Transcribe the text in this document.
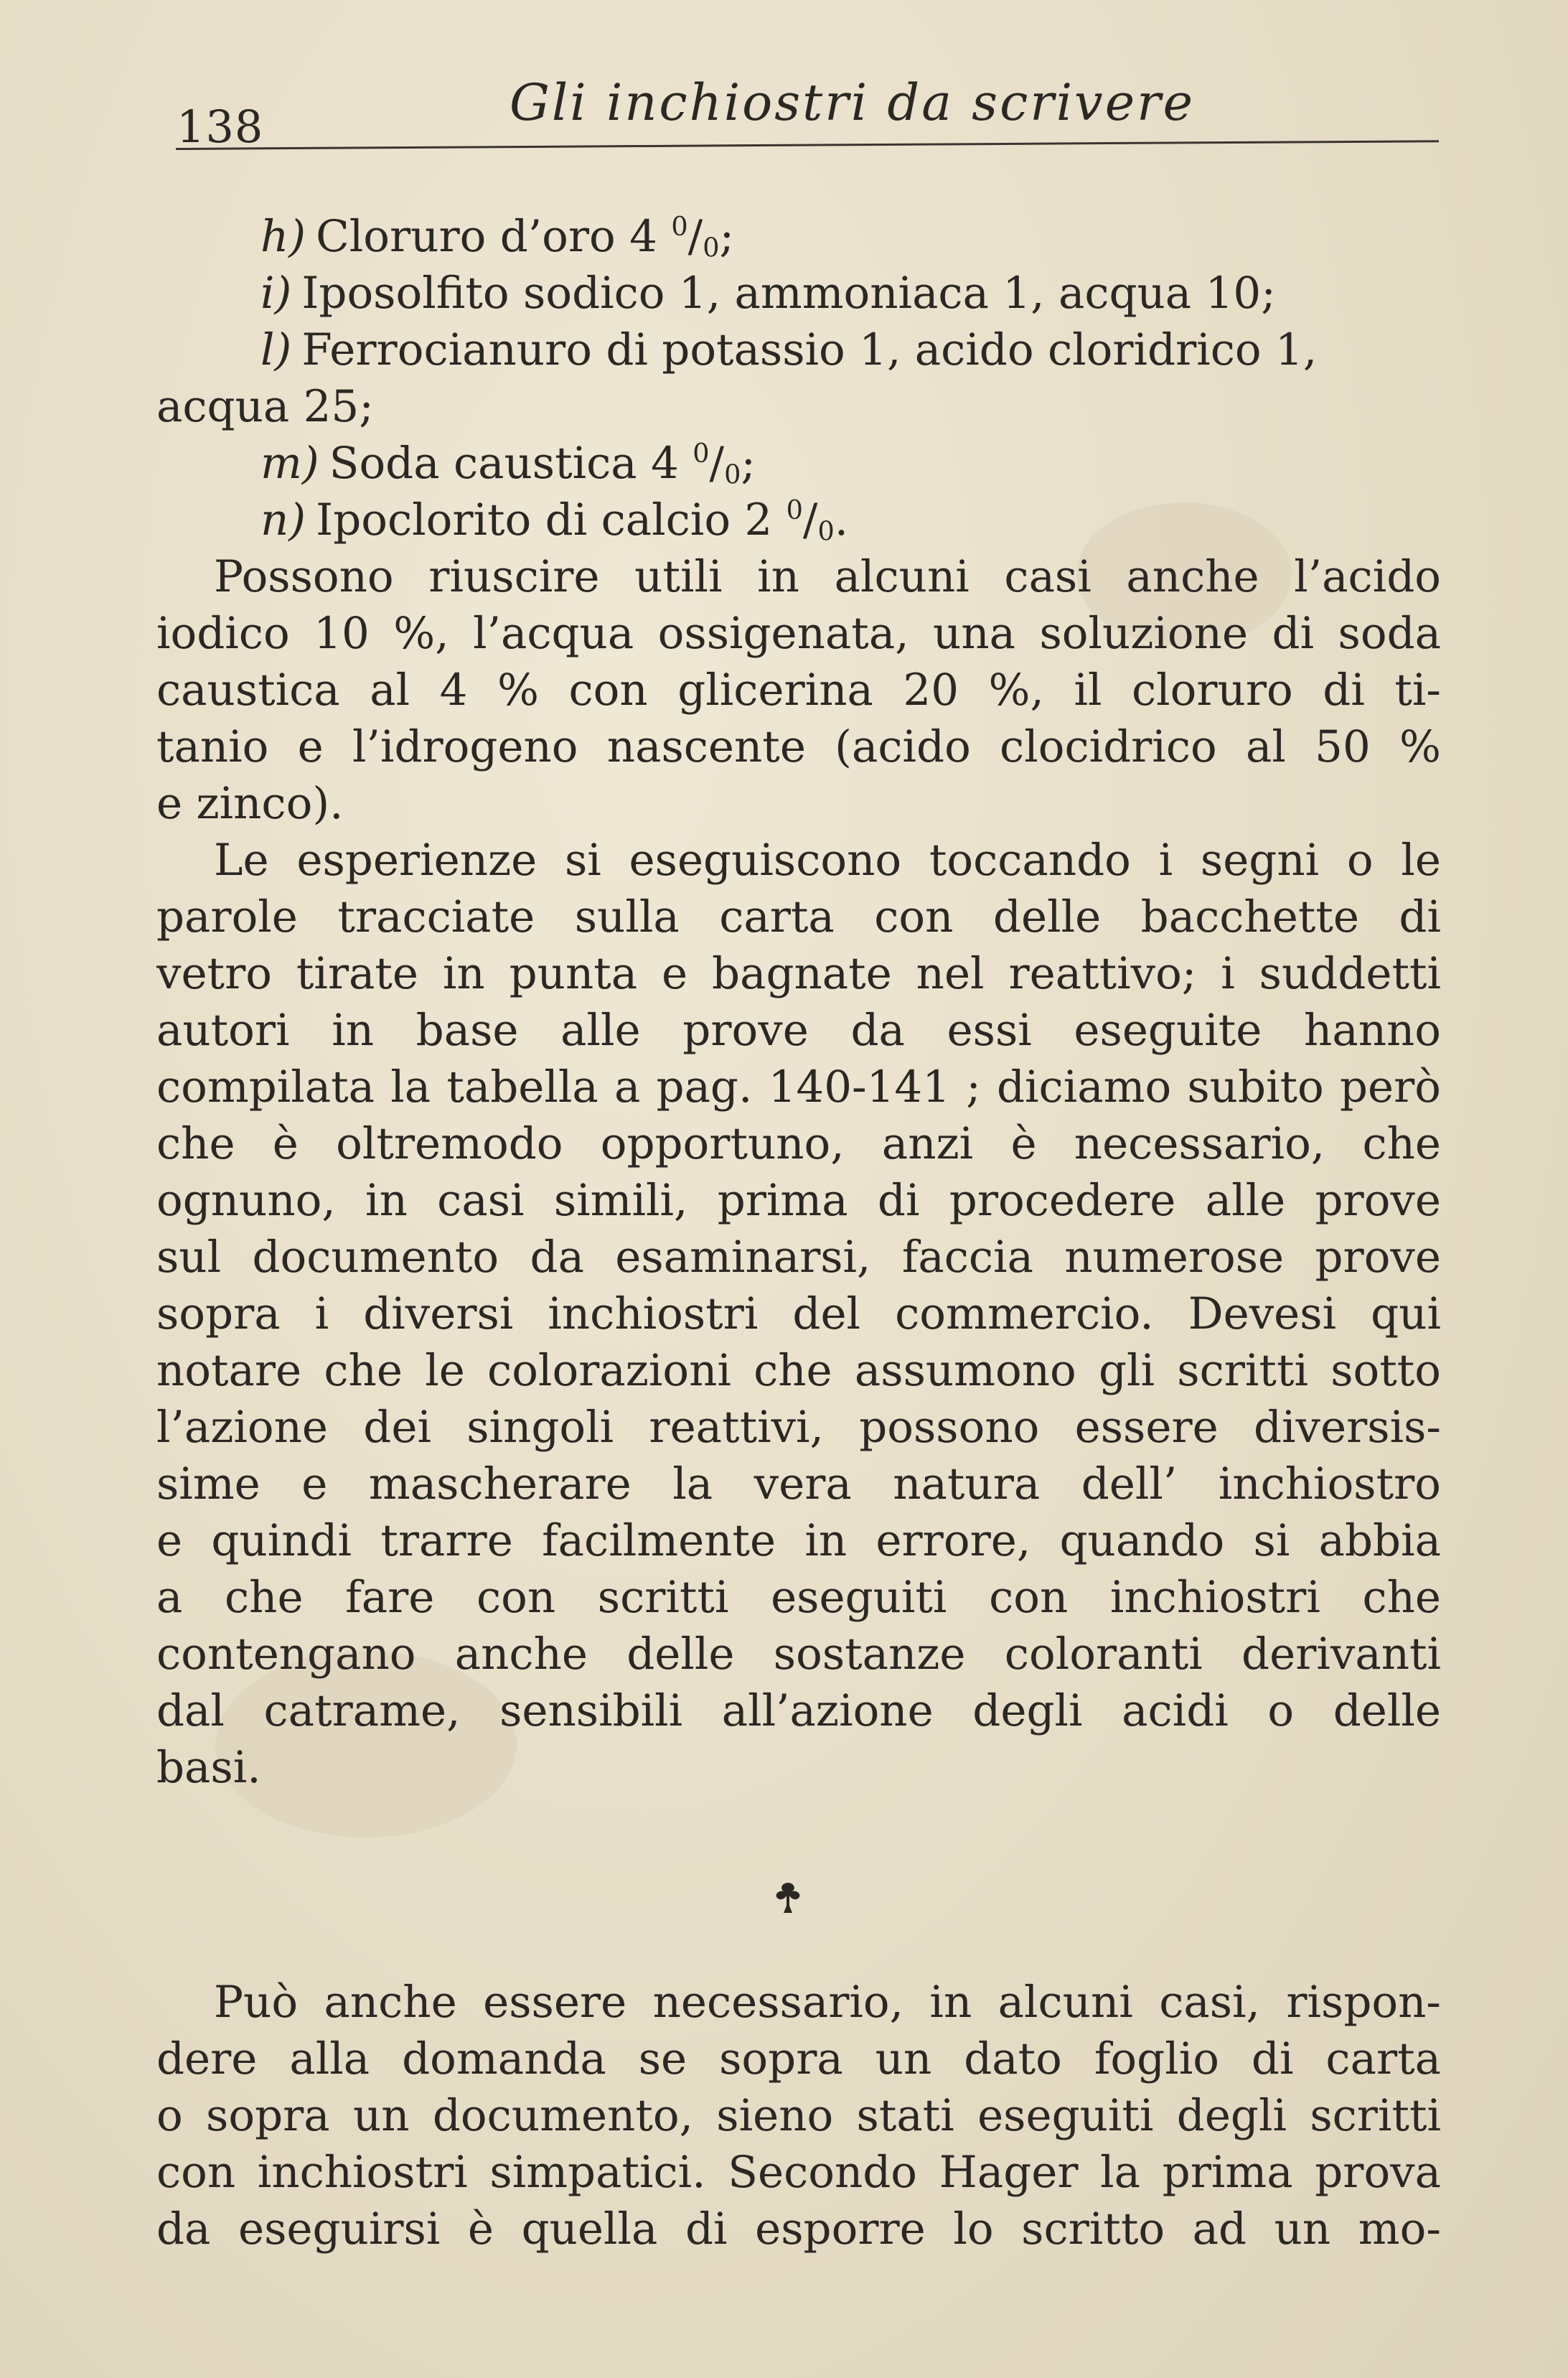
138	Gli inchiostri da scrivere
h) Cloruro d’oro 4 $^0/_0$;
i) Iposolfito sodico 1, ammoniaca 1, acqua 10;
l) Ferrocianuro di potassio 1, acido cloridrico 1,
acqua 25;
m) Soda caustica 4 $^0/_0$;
n) Ipoclorito di calcio 2 $^0/_0$.
Possono riuscire utili in alcuni casi anche l’acido
iodico 10 %, l’acqua ossigenata, una soluzione di soda
caustica al 4 % con glicerina 20 %, il cloruro di ti-
tanio e l’idrogeno nascente (acido clocidrico al 50 %
e zinco).
Le esperienze si eseguiscono toccando i segni o le
parole tracciate sulla carta con delle bacchette di
vetro tirate in punta e bagnate nel reattivo; i suddetti
autori in base alle prove da essi eseguite hanno
compilata la tabella a pag. 140-141 ; diciamo subito però
che è oltremodo opportuno, anzi è necessario, che
ognuno, in casi simili, prima di procedere alle prove
sul documento da esaminarsi, faccia numerose prove
sopra i diversi inchiostri del commercio. Devesi qui
notare che le colorazioni che assumono gli scritti sotto
l’azione dei singoli reattivi, possono essere diversis-
sime e mascherare la vera natura dell’ inchiostro
e quindi trarre facilmente in errore, quando si abbia
a che fare con scritti eseguiti con inchiostri che
contengano anche delle sostanze coloranti derivanti
dal catrame, sensibili all’azione degli acidi o delle
basi.
Può anche essere necessario, in alcuni casi, rispon-
dere alla domanda se sopra un dato foglio di carta
o sopra un documento, sieno stati eseguiti degli scritti
con inchiostri simpatici. Secondo Hager la prima prova
da eseguirsi è quella di esporre lo scritto ad un mo-
